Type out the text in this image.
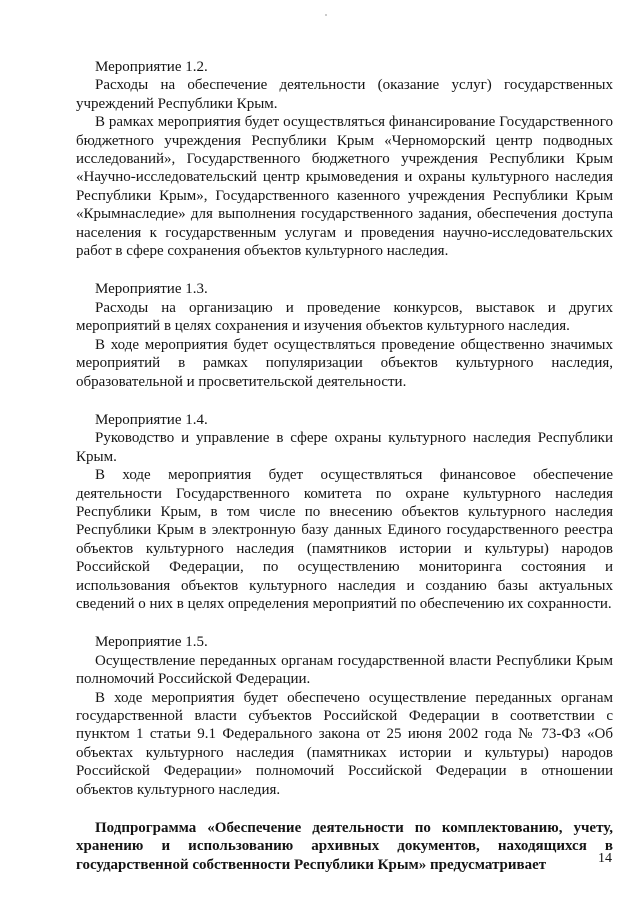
Мероприятие 1.2.

Расходы на обеспечение деятельности (оказание услуг) государственных учреждений Республики Крым.

В рамках мероприятия будет осуществляться финансирование Государственного бюджетного учреждения Республики Крым «Черноморский центр подводных исследований», Государственного бюджетного учреждения Республики Крым «Научно-исследовательский центр крымоведения и охраны культурного наследия Республики Крым», Государственного казенного учреждения Республики Крым «Крымнаследие» для выполнения государственного задания, обеспечения доступа населения к государственным услугам и проведения научно-исследовательских работ в сфере сохранения объектов культурного наследия.

Мероприятие 1.3.

Расходы на организацию и проведение конкурсов, выставок и других мероприятий в целях сохранения и изучения объектов культурного наследия.

В ходе мероприятия будет осуществляться проведение общественно значимых мероприятий в рамках популяризации объектов культурного наследия, образовательной и просветительской деятельности.

Мероприятие 1.4.

Руководство и управление в сфере охраны культурного наследия Республики Крым.

В ходе мероприятия будет осуществляться финансовое обеспечение деятельности Государственного комитета по охране культурного наследия Республики Крым, в том числе по внесению объектов культурного наследия Республики Крым в электронную базу данных Единого государственного реестра объектов культурного наследия (памятников истории и культуры) народов Российской Федерации, по осуществлению мониторинга состояния и использования объектов культурного наследия и созданию базы актуальных сведений о них в целях определения мероприятий по обеспечению их сохранности.

Мероприятие 1.5.

Осуществление переданных органам государственной власти Республики Крым полномочий Российской Федерации.

В ходе мероприятия будет обеспечено осуществление переданных органам государственной власти субъектов Российской Федерации в соответствии с пунктом 1 статьи 9.1 Федерального закона от 25 июня 2002 года № 73-ФЗ «Об объектах культурного наследия (памятниках истории и культуры) народов Российской Федерации» полномочий Российской Федерации в отношении объектов культурного наследия.

Подпрограмма «Обеспечение деятельности по комплектованию, учету, хранению и использованию архивных документов, находящихся в государственной собственности Республики Крым» предусматривает	14
